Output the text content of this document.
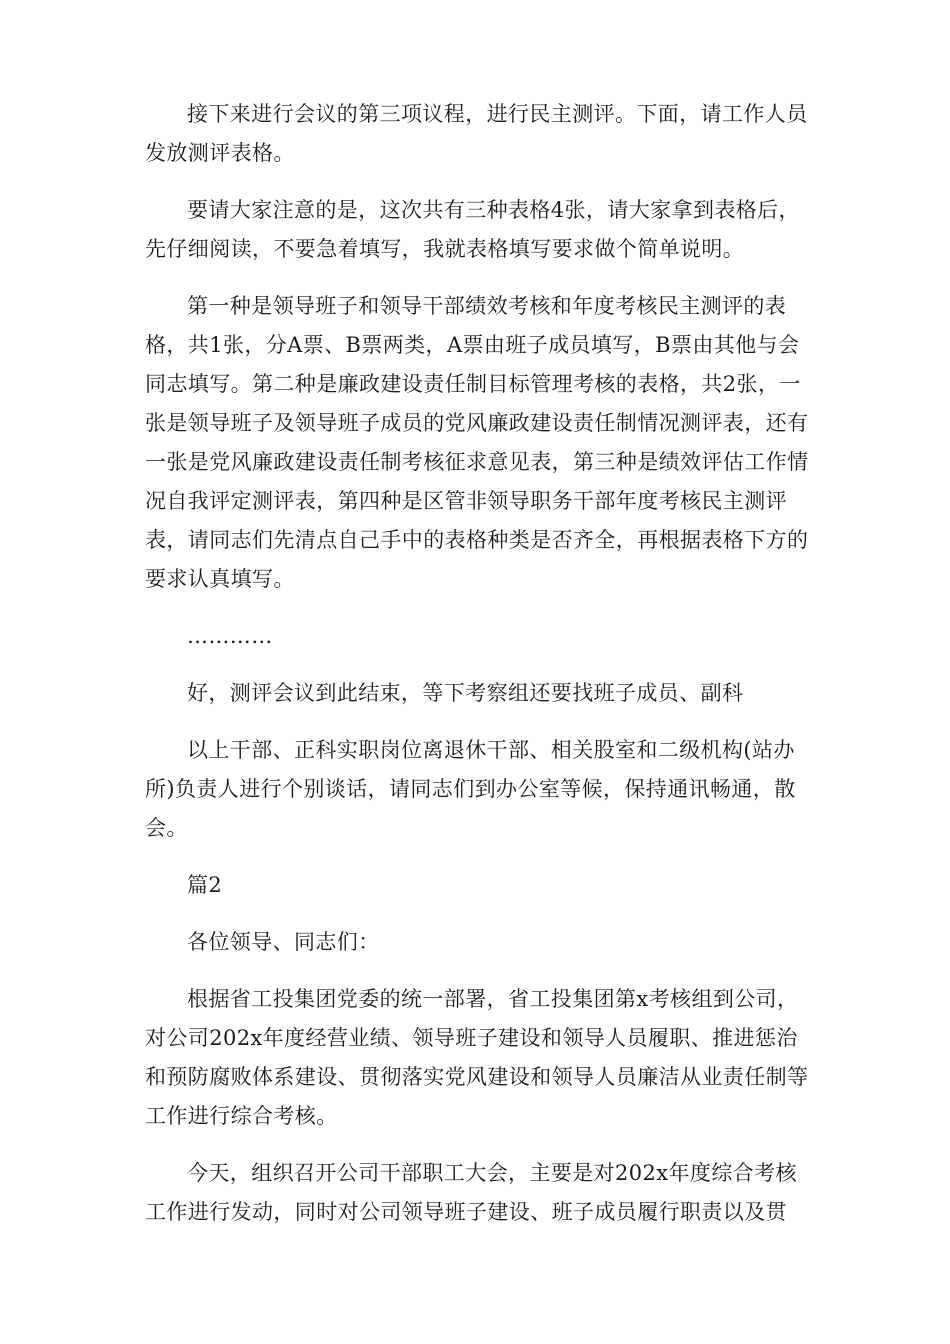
接下来进行会议的第三项议程，进行民主测评。下面，请工作人员发放测评表格。

要请大家注意的是，这次共有三种表格4张，请大家拿到表格后，先仔细阅读，不要急着填写，我就表格填写要求做个简单说明。

第一种是领导班子和领导干部绩效考核和年度考核民主测评的表格，共1张，分A票、B票两类，A票由班子成员填写，B票由其他与会同志填写。第二种是廉政建设责任制目标管理考核的表格，共2张，一张是领导班子及领导班子成员的党风廉政建设责任制情况测评表，还有一张是党风廉政建设责任制考核征求意见表，第三种是绩效评估工作情况自我评定测评表，第四种是区管非领导职务干部年度考核民主测评表，请同志们先清点自己手中的表格种类是否齐全，再根据表格下方的要求认真填写。

…………

好，测评会议到此结束，等下考察组还要找班子成员、副科

以上干部、正科实职岗位离退休干部、相关股室和二级机构(站办所)负责人进行个别谈话，请同志们到办公室等候，保持通讯畅通，散会。

篇2

各位领导、同志们：

根据省工投集团党委的统一部署，省工投集团第x考核组到公司，对公司202x年度经营业绩、领导班子建设和领导人员履职、推进惩治和预防腐败体系建设、贯彻落实党风建设和领导人员廉洁从业责任制等工作进行综合考核。

今天，组织召开公司干部职工大会，主要是对202x年度综合考核工作进行发动，同时对公司领导班子建设、班子成员履行职责以及贯
